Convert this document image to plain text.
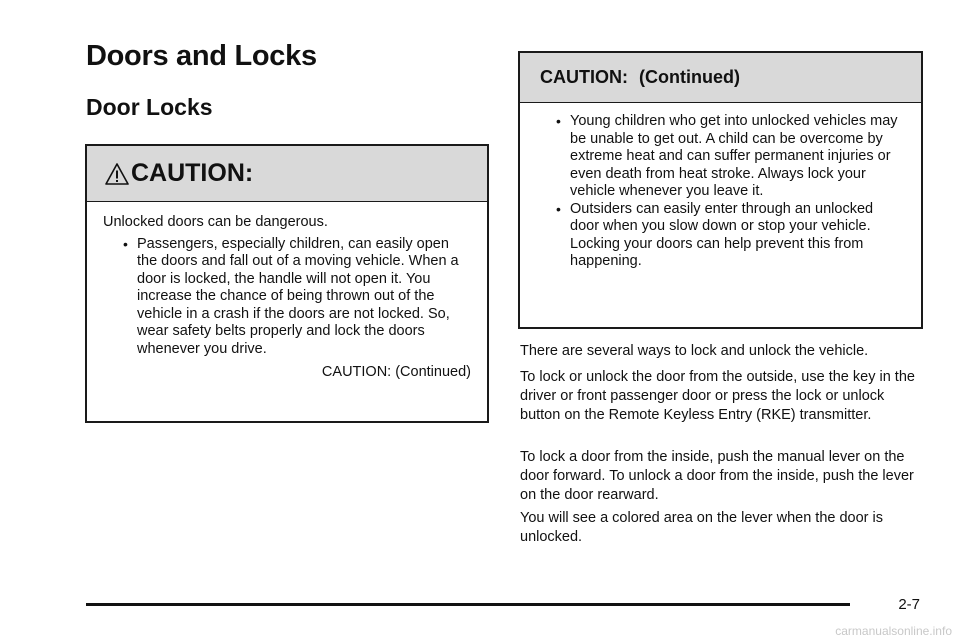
Doors and Locks
Door Locks
CAUTION:

Unlocked doors can be dangerous.

• Passengers, especially children, can easily open the doors and fall out of a moving vehicle. When a door is locked, the handle will not open it. You increase the chance of being thrown out of the vehicle in a crash if the doors are not locked. So, wear safety belts properly and lock the doors whenever you drive.
CAUTION: (Continued)
CAUTION: (Continued)
• Young children who get into unlocked vehicles may be unable to get out. A child can be overcome by extreme heat and can suffer permanent injuries or even death from heat stroke. Always lock your vehicle whenever you leave it.
• Outsiders can easily enter through an unlocked door when you slow down or stop your vehicle. Locking your doors can help prevent this from happening.

There are several ways to lock and unlock the vehicle.

To lock or unlock the door from the outside, use the key in the driver or front passenger door or press the lock or unlock button on the Remote Keyless Entry (RKE) transmitter.

To lock a door from the inside, push the manual lever on the door forward. To unlock a door from the inside, push the lever on the door rearward.

You will see a colored area on the lever when the door is unlocked.

2-7
carmanualsonline.info
